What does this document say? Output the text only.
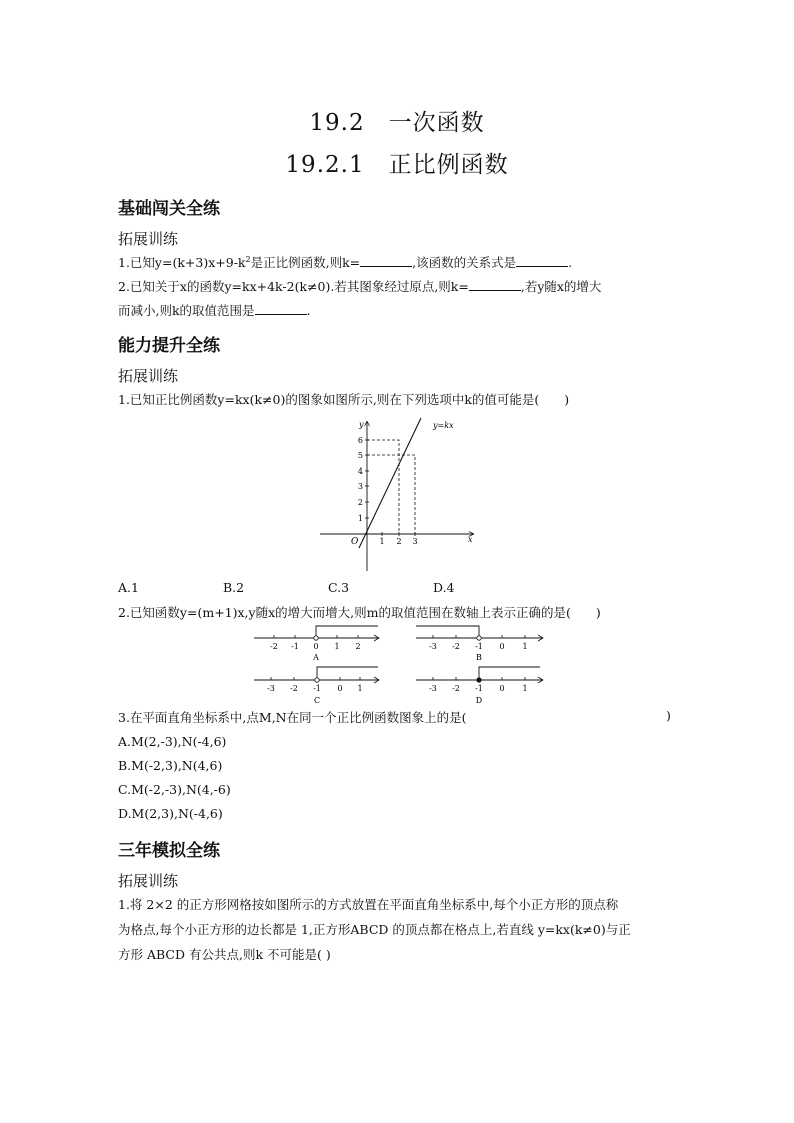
19.2　一次函数
19.2.1　正比例函数
基础闯关全练
拓展训练
1.已知$y=(k+3)x+9-k^2$是正比例函数,则k=	,该函数的关系式是	.
2.已知关于x的函数y=kx+4k-2(k≠0).若其图象经过原点,则k=	,若y随x的增大
而减小,则k的取值范围是	.
能力提升全练
拓展训练
1.已知正比例函数y=kx(k≠0)的图象如图所示,则在下列选项中k的值可能是(　　)
y=kx
y
x
O
1
2
3
4
5
6
1 2 3
A.1	B.2	C.3	D.4
2.已知函数y=(m+1)x,y随x的增大而增大,则m的取值范围在数轴上表示正确的是(　　)
-2 -1 0 1 2
A
-3 -2 -1 0 1
B
-3 -2 -1 0 1
C
-3 -2 -1 0 1
D
3.在平面直角坐标系中,点M,N在同一个正比例函数图象上的是(	)
A.M(2,-3),N(-4,6)
B.M(-2,3),N(4,6)
C.M(-2,-3),N(4,-6)
D.M(2,3),N(-4,6)
三年模拟全练
拓展训练
1.将 2×2 的正方形网格按如图所示的方式放置在平面直角坐标系中,每个小正方形的顶点称
为格点,每个小正方形的边长都是 1,正方形ABCD 的顶点都在格点上,若直线 y=kx(k≠0)与正
方形 ABCD 有公共点,则k 不可能是( )
